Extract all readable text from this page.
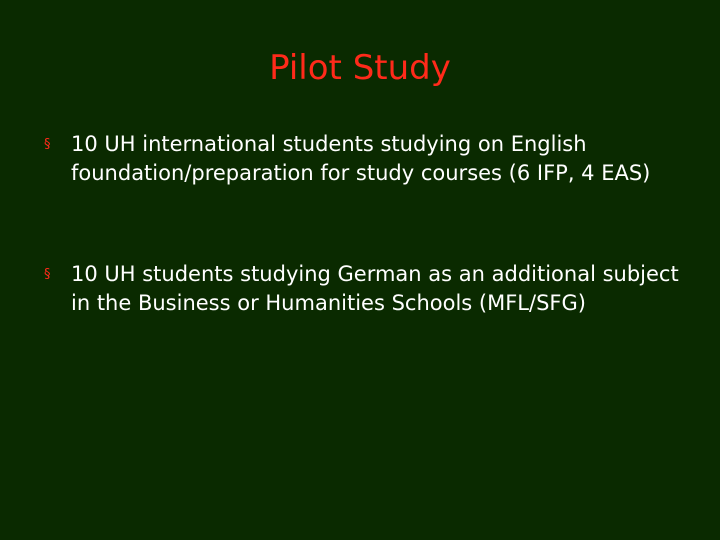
Pilot Study
§ 10 UH international students studying on English foundation/preparation for study courses (6 IFP, 4 EAS)
§ 10 UH students studying German as an additional subject in the Business or Humanities Schools (MFL/SFG)
